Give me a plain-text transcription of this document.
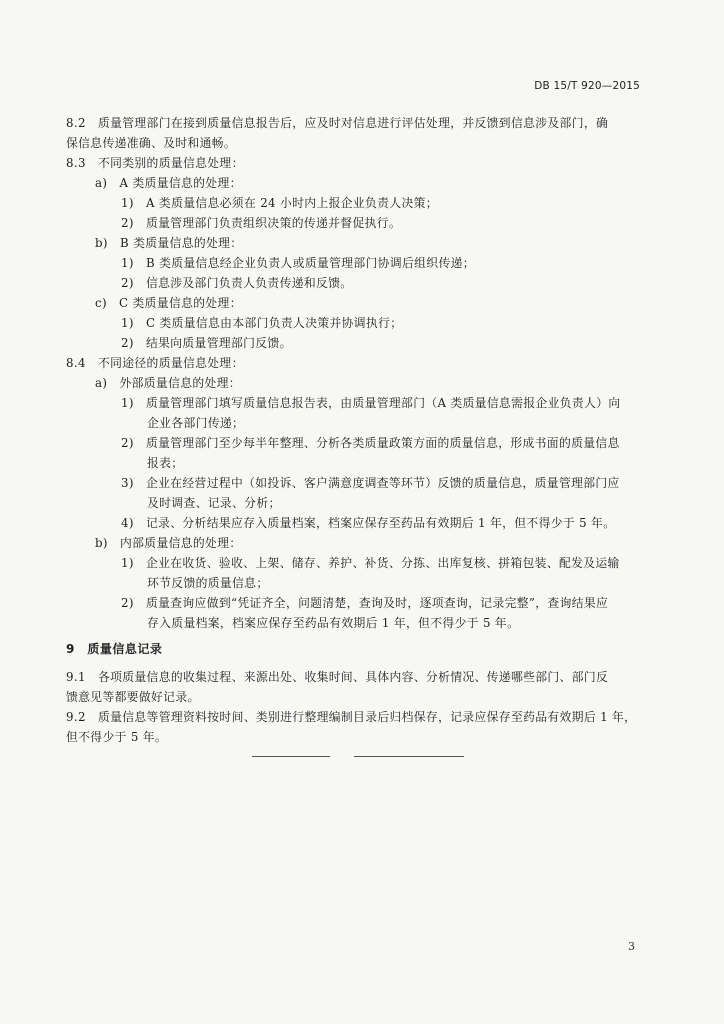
DB 15/T 920—2015
8.2　质量管理部门在接到质量信息报告后，应及时对信息进行评估处理，并反馈到信息涉及部门，确
保信息传递准确、及时和通畅。
8.3　不同类别的质量信息处理：
a)　A 类质量信息的处理：
1)　A 类质量信息必须在 24 小时内上报企业负责人决策；
2)　质量管理部门负责组织决策的传递并督促执行。
b)　B 类质量信息的处理：
1)　B 类质量信息经企业负责人或质量管理部门协调后组织传递；
2)　信息涉及部门负责人负责传递和反馈。
c)　C 类质量信息的处理：
1)　C 类质量信息由本部门负责人决策并协调执行；
2)　结果向质量管理部门反馈。
8.4　不同途径的质量信息处理：
a)　外部质量信息的处理：
1)　质量管理部门填写质量信息报告表，由质量管理部门（A 类质量信息需报企业负责人）向
企业各部门传递；
2)　质量管理部门至少每半年整理、分析各类质量政策方面的质量信息，形成书面的质量信息
报表；
3)　企业在经营过程中（如投诉、客户满意度调查等环节）反馈的质量信息，质量管理部门应
及时调查、记录、分析；
4)　记录、分析结果应存入质量档案，档案应保存至药品有效期后 1 年，但不得少于 5 年。
b)　内部质量信息的处理：
1)　企业在收货、验收、上架、储存、养护、补货、分拣、出库复核、拼箱包装、配发及运输
环节反馈的质量信息；
2)　质量查询应做到“凭证齐全，问题清楚，查询及时，逐项查询，记录完整”，查询结果应
存入质量档案，档案应保存至药品有效期后 1 年，但不得少于 5 年。
9　质量信息记录
9.1　各项质量信息的收集过程、来源出处、收集时间、具体内容、分析情况、传递哪些部门、部门反
馈意见等都要做好记录。
9.2　质量信息等管理资料按时间、类别进行整理编制目录后归档保存，记录应保存至药品有效期后 1 年，
但不得少于 5 年。
3
